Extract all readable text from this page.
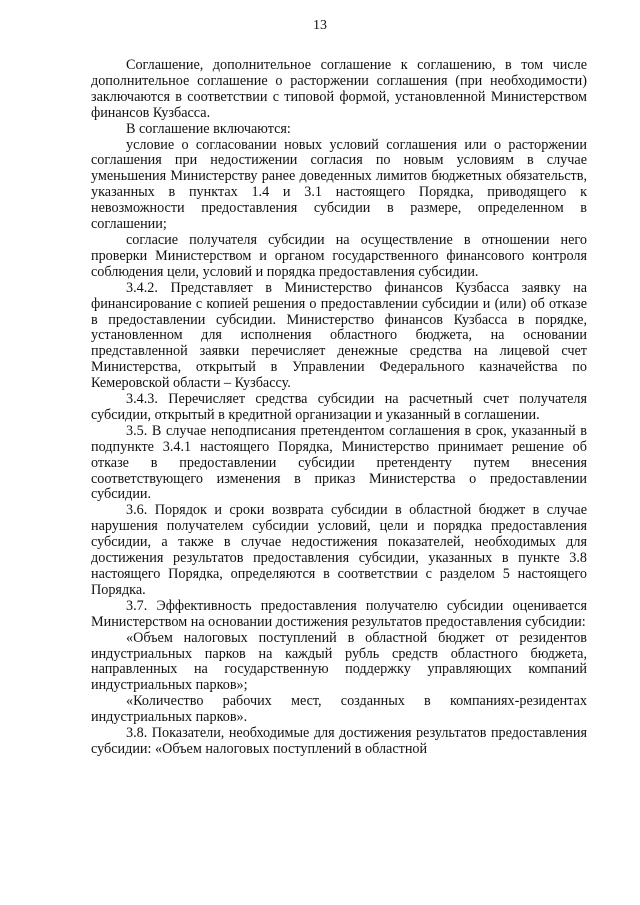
13

Соглашение, дополнительное соглашение к соглашению, в том числе дополнительное соглашение о расторжении соглашения (при необходимости) заключаются в соответствии с типовой формой, установленной Министерством финансов Кузбасса.

В соглашение включаются:

условие о согласовании новых условий соглашения или о расторжении соглашения при недостижении согласия по новым условиям в случае уменьшения Министерству ранее доведенных лимитов бюджетных обязательств, указанных в пунктах 1.4 и 3.1 настоящего Порядка, приводящего к невозможности предоставления субсидии в размере, определенном в соглашении;

согласие получателя субсидии на осуществление в отношении него проверки Министерством и органом государственного финансового контроля соблюдения цели, условий и порядка предоставления субсидии.

3.4.2. Представляет в Министерство финансов Кузбасса заявку на финансирование с копией решения о предоставлении субсидии и (или) об отказе в предоставлении субсидии. Министерство финансов Кузбасса в порядке, установленном для исполнения областного бюджета, на основании представленной заявки перечисляет денежные средства на лицевой счет Министерства, открытый в Управлении Федерального казначейства по Кемеровской области – Кузбассу.

3.4.3. Перечисляет средства субсидии на расчетный счет получателя субсидии, открытый в кредитной организации и указанный в соглашении.

3.5. В случае неподписания претендентом соглашения в срок, указанный в подпункте 3.4.1 настоящего Порядка, Министерство принимает решение об отказе в предоставлении субсидии претенденту путем внесения соответствующего изменения в приказ Министерства о предоставлении субсидии.

3.6. Порядок и сроки возврата субсидии в областной бюджет в случае нарушения получателем субсидии условий, цели и порядка предоставления субсидии, а также в случае недостижения показателей, необходимых для достижения результатов предоставления субсидии, указанных в пункте 3.8 настоящего Порядка, определяются в соответствии с разделом 5 настоящего Порядка.

3.7. Эффективность предоставления получателю субсидии оценивается Министерством на основании достижения результатов предоставления субсидии:

«Объем налоговых поступлений в областной бюджет от резидентов индустриальных парков на каждый рубль средств областного бюджета, направленных на государственную поддержку управляющих компаний индустриальных парков»;

«Количество рабочих мест, созданных в компаниях-резидентах индустриальных парков».

3.8. Показатели, необходимые для достижения результатов предоставления субсидии: «Объем налоговых поступлений в областной
